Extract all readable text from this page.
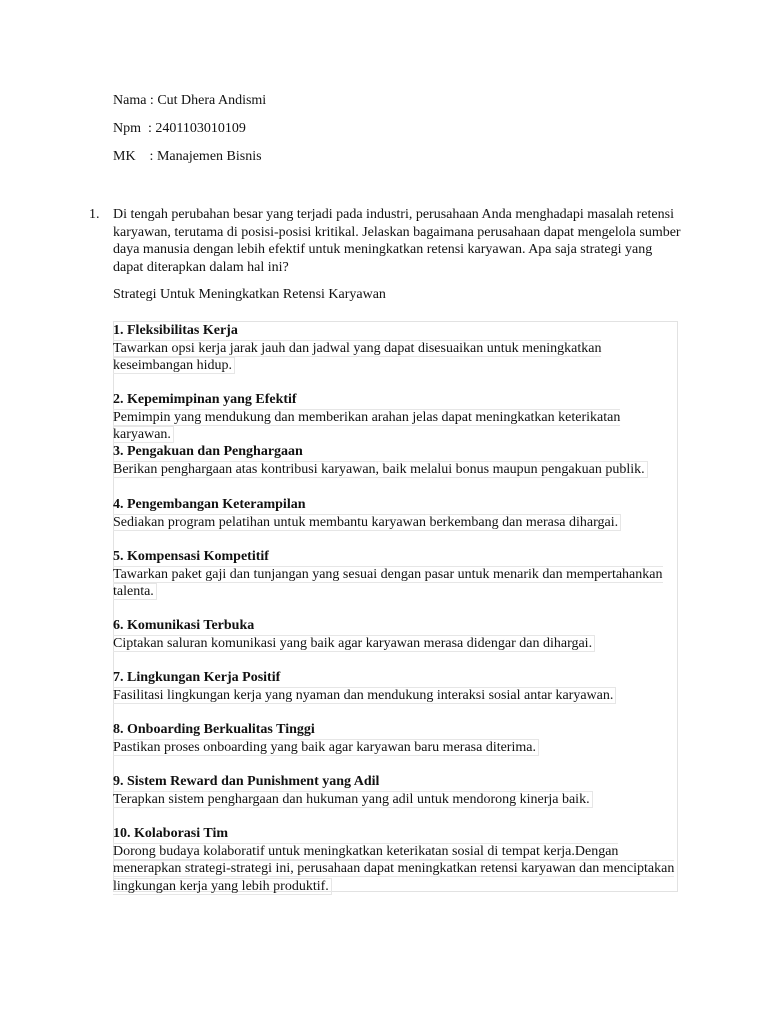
Nama : Cut Dhera Andismi
Npm  : 2401103010109
MK    : Manajemen Bisnis
1. Di tengah perubahan besar yang terjadi pada industri, perusahaan Anda menghadapi masalah retensi karyawan, terutama di posisi-posisi kritikal. Jelaskan bagaimana perusahaan dapat mengelola sumber daya manusia dengan lebih efektif untuk meningkatkan retensi karyawan. Apa saja strategi yang dapat diterapkan dalam hal ini?
Strategi Untuk Meningkatkan Retensi Karyawan
1. Fleksibilitas Kerja
Tawarkan opsi kerja jarak jauh dan jadwal yang dapat disesuaikan untuk meningkatkan keseimbangan hidup.
2. Kepemimpinan yang Efektif
Pemimpin yang mendukung dan memberikan arahan jelas dapat meningkatkan keterikatan karyawan.
3. Pengakuan dan Penghargaan
Berikan penghargaan atas kontribusi karyawan, baik melalui bonus maupun pengakuan publik.
4. Pengembangan Keterampilan
Sediakan program pelatihan untuk membantu karyawan berkembang dan merasa dihargai.
5. Kompensasi Kompetitif
Tawarkan paket gaji dan tunjangan yang sesuai dengan pasar untuk menarik dan mempertahankan talenta.
6. Komunikasi Terbuka
Ciptakan saluran komunikasi yang baik agar karyawan merasa didengar dan dihargai.
7. Lingkungan Kerja Positif
Fasilitasi lingkungan kerja yang nyaman dan mendukung interaksi sosial antar karyawan.
8. Onboarding Berkualitas Tinggi
Pastikan proses onboarding yang baik agar karyawan baru merasa diterima.
9. Sistem Reward dan Punishment yang Adil
Terapkan sistem penghargaan dan hukuman yang adil untuk mendorong kinerja baik.
10. Kolaborasi Tim
Dorong budaya kolaboratif untuk meningkatkan keterikatan sosial di tempat kerja.Dengan menerapkan strategi-strategi ini, perusahaan dapat meningkatkan retensi karyawan dan menciptakan lingkungan kerja yang lebih produktif.
